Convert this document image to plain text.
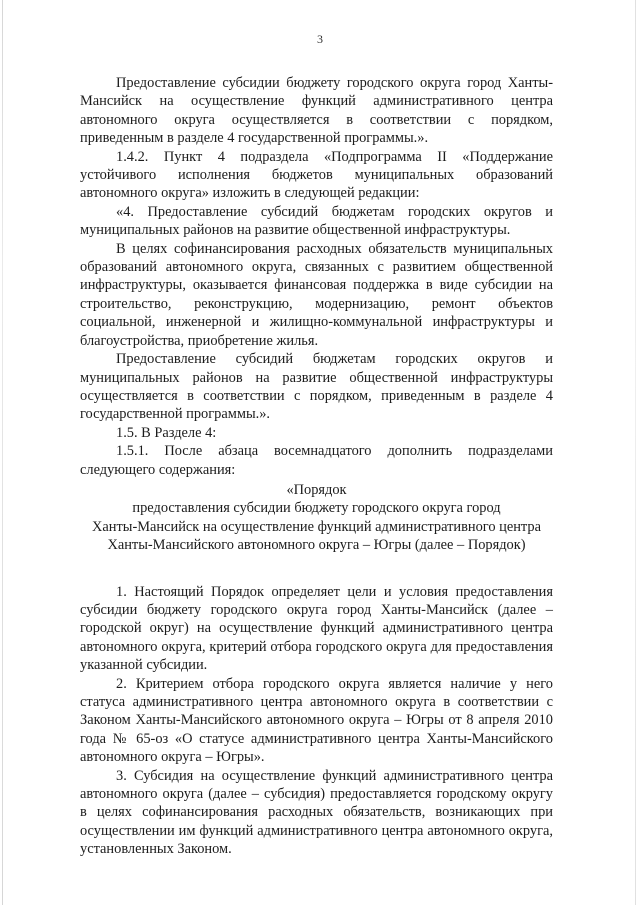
3

Предоставление субсидии бюджету городского округа город Ханты-Мансийск на осуществление функций административного центра автономного округа осуществляется в соответствии с порядком, приведенным в разделе 4 государственной программы.».

1.4.2. Пункт 4 подраздела «Подпрограмма II «Поддержание устойчивого исполнения бюджетов муниципальных образований автономного округа» изложить в следующей редакции:

«4. Предоставление субсидий бюджетам городских округов и муниципальных районов на развитие общественной инфраструктуры.

В целях софинансирования расходных обязательств муниципальных образований автономного округа, связанных с развитием общественной инфраструктуры, оказывается финансовая поддержка в виде субсидии на строительство, реконструкцию, модернизацию, ремонт объектов социальной, инженерной и жилищно-коммунальной инфраструктуры и благоустройства, приобретение жилья.

Предоставление субсидий бюджетам городских округов и муниципальных районов на развитие общественной инфраструктуры осуществляется в соответствии с порядком, приведенным в разделе 4 государственной программы.».

1.5. В Разделе 4:

1.5.1. После абзаца восемнадцатого дополнить подразделами следующего содержания:

«Порядок
предоставления субсидии бюджету городского округа город
Ханты-Мансийск на осуществление функций административного центра
Ханты-Мансийского автономного округа – Югры (далее – Порядок)

1. Настоящий Порядок определяет цели и условия предоставления субсидии бюджету городского округа город Ханты-Мансийск (далее – городской округ) на осуществление функций административного центра автономного округа, критерий отбора городского округа для предоставления указанной субсидии.

2. Критерием отбора городского округа является наличие у него статуса административного центра автономного округа в соответствии с Законом Ханты-Мансийского автономного округа – Югры от 8 апреля 2010 года № 65-оз «О статусе административного центра Ханты-Мансийского автономного округа – Югры».

3. Субсидия на осуществление функций административного центра автономного округа (далее – субсидия) предоставляется городскому округу в целях софинансирования расходных обязательств, возникающих при осуществлении им функций административного центра автономного округа, установленных Законом.
